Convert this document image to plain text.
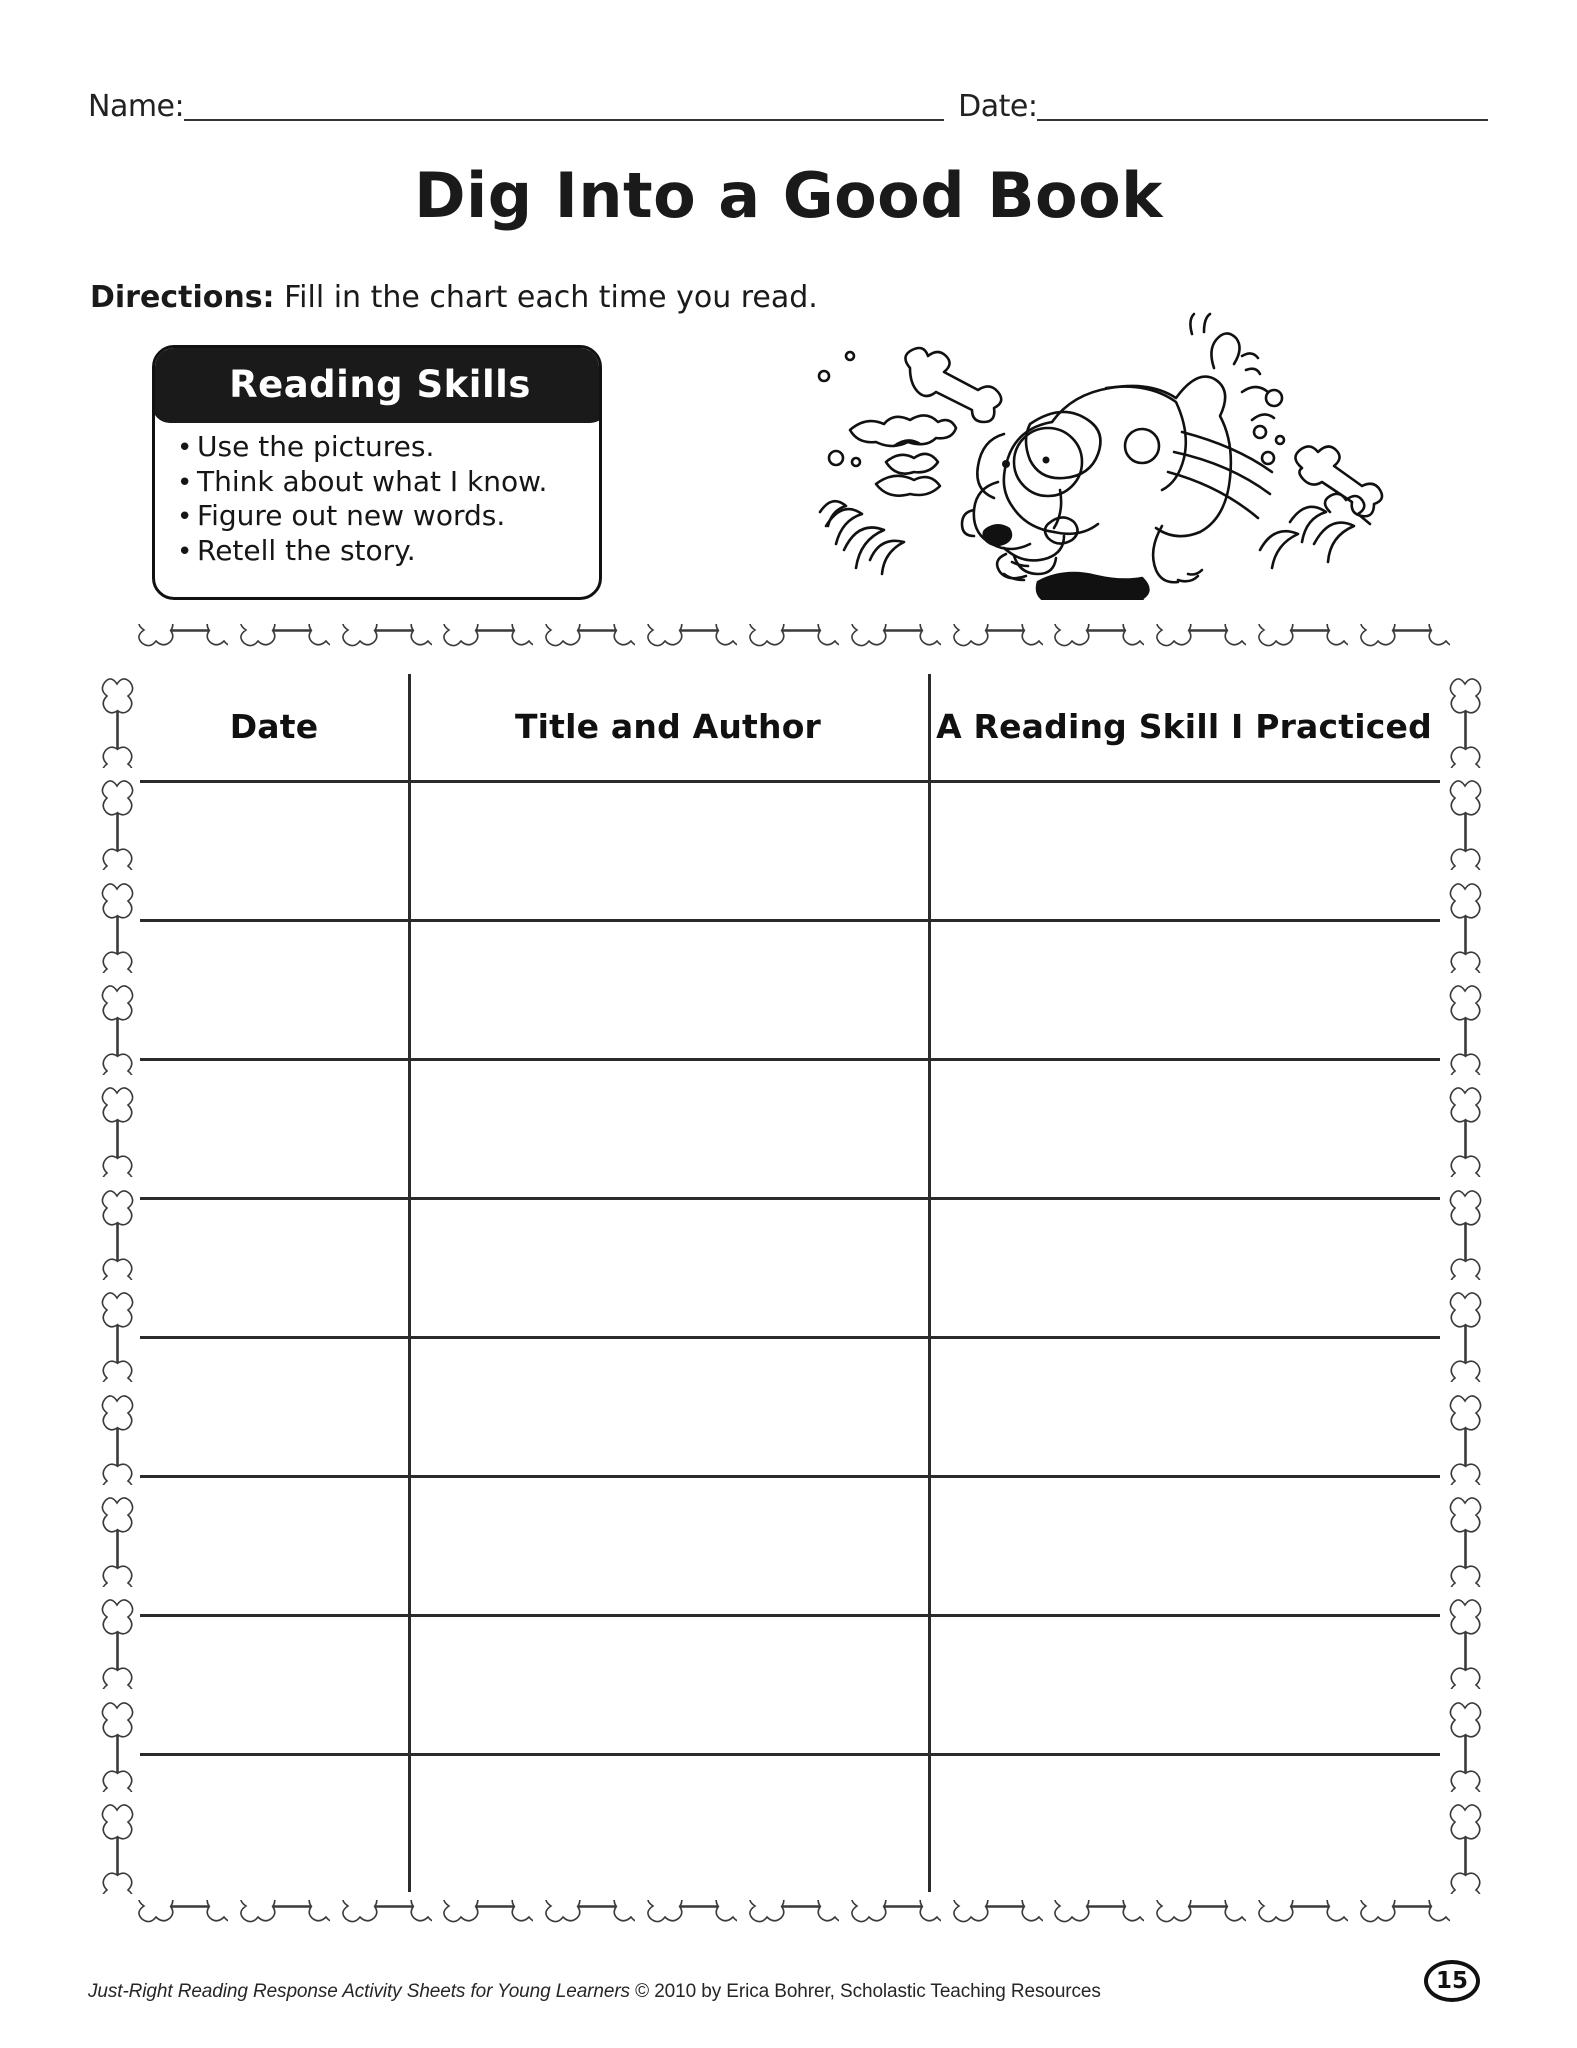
Name:	Date:
Dig Into a Good Book
Directions: Fill in the chart each time you read.
Reading Skills
• Use the pictures.
• Think about what I know.
• Figure out new words.
• Retell the story.
Date	Title and Author	A Reading Skill I Practiced
Just-Right Reading Response Activity Sheets for Young Learners © 2010 by Erica Bohrer, Scholastic Teaching Resources	15
